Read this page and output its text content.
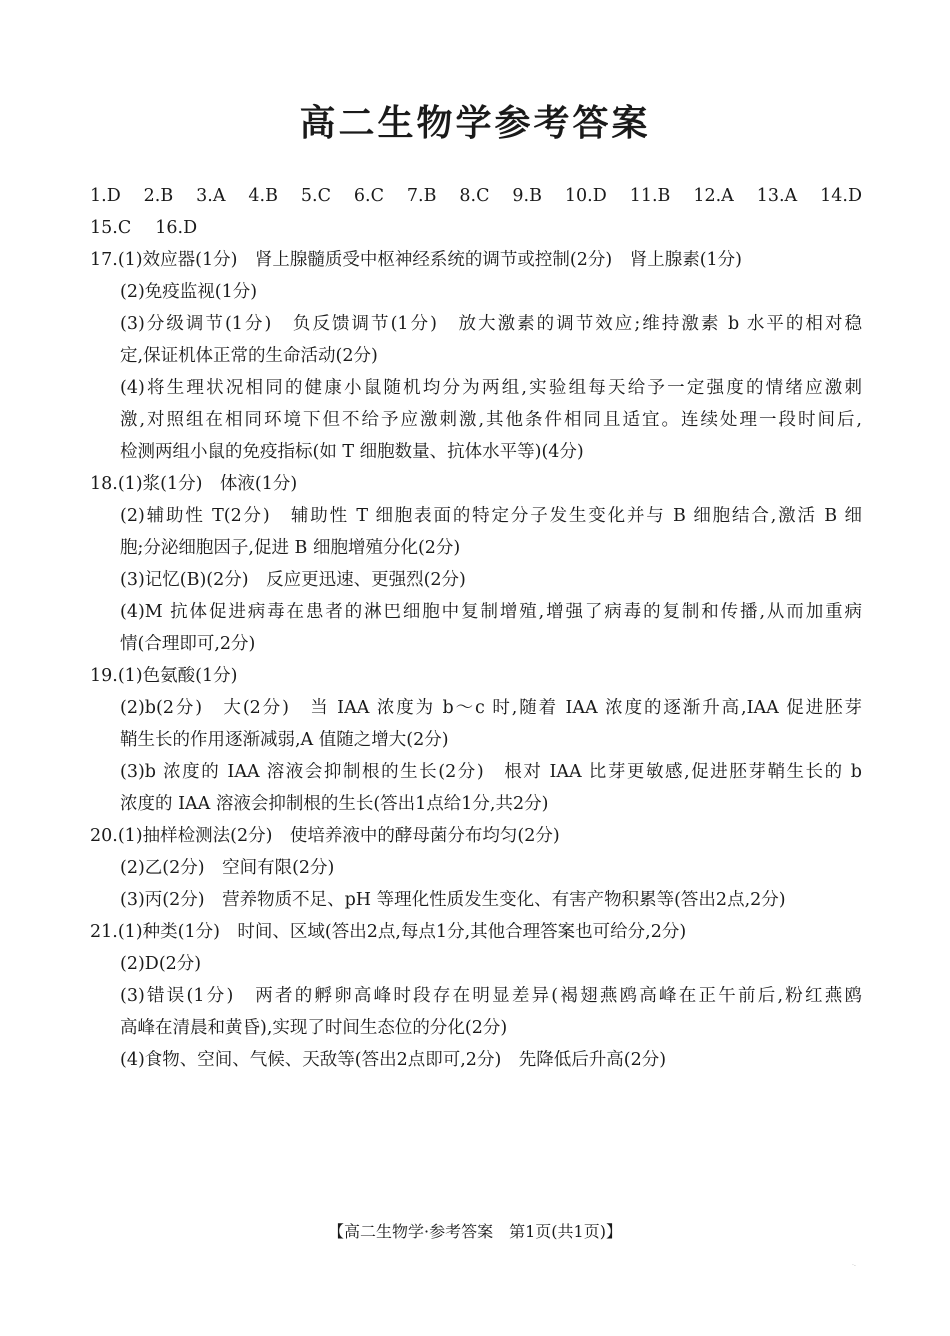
高二生物学参考答案
1.D 2.B 3.A 4.B 5.C 6.C 7.B 8.C 9.B 10.D 11.B 12.A 13.A 14.D
15.C 16.D
17.(1)效应器(1分)　肾上腺髓质受中枢神经系统的调节或控制(2分)　肾上腺素(1分)
(2)免疫监视(1分)
(3)分级调节(1分)　负反馈调节(1分)　放大激素的调节效应;维持激素 b 水平的相对稳
定,保证机体正常的生命活动(2分)
(4)将生理状况相同的健康小鼠随机均分为两组,实验组每天给予一定强度的情绪应激刺
激,对照组在相同环境下但不给予应激刺激,其他条件相同且适宜。连续处理一段时间后,
检测两组小鼠的免疫指标(如 T 细胞数量、抗体水平等)(4分)
18.(1)浆(1分)　体液(1分)
(2)辅助性 T(2分)　辅助性 T 细胞表面的特定分子发生变化并与 B 细胞结合,激活 B 细
胞;分泌细胞因子,促进 B 细胞增殖分化(2分)
(3)记忆(B)(2分)　反应更迅速、更强烈(2分)
(4)M 抗体促进病毒在患者的淋巴细胞中复制增殖,增强了病毒的复制和传播,从而加重病
情(合理即可,2分)
19.(1)色氨酸(1分)
(2)b(2分)　大(2分)　当 IAA 浓度为 b～c 时,随着 IAA 浓度的逐渐升高,IAA 促进胚芽
鞘生长的作用逐渐减弱,A 值随之增大(2分)
(3)b 浓度的 IAA 溶液会抑制根的生长(2分)　根对 IAA 比芽更敏感,促进胚芽鞘生长的 b
浓度的 IAA 溶液会抑制根的生长(答出1点给1分,共2分)
20.(1)抽样检测法(2分)　使培养液中的酵母菌分布均匀(2分)
(2)乙(2分)　空间有限(2分)
(3)丙(2分)　营养物质不足、pH 等理化性质发生变化、有害产物积累等(答出2点,2分)
21.(1)种类(1分)　时间、区域(答出2点,每点1分,其他合理答案也可给分,2分)
(2)D(2分)
(3)错误(1分)　两者的孵卵高峰时段存在明显差异(褐翅燕鸥高峰在正午前后,粉红燕鸥
高峰在清晨和黄昏),实现了时间生态位的分化(2分)
(4)食物、空间、气候、天敌等(答出2点即可,2分)　先降低后升高(2分)
【高二生物学·参考答案　第1页(共1页)】
·-
